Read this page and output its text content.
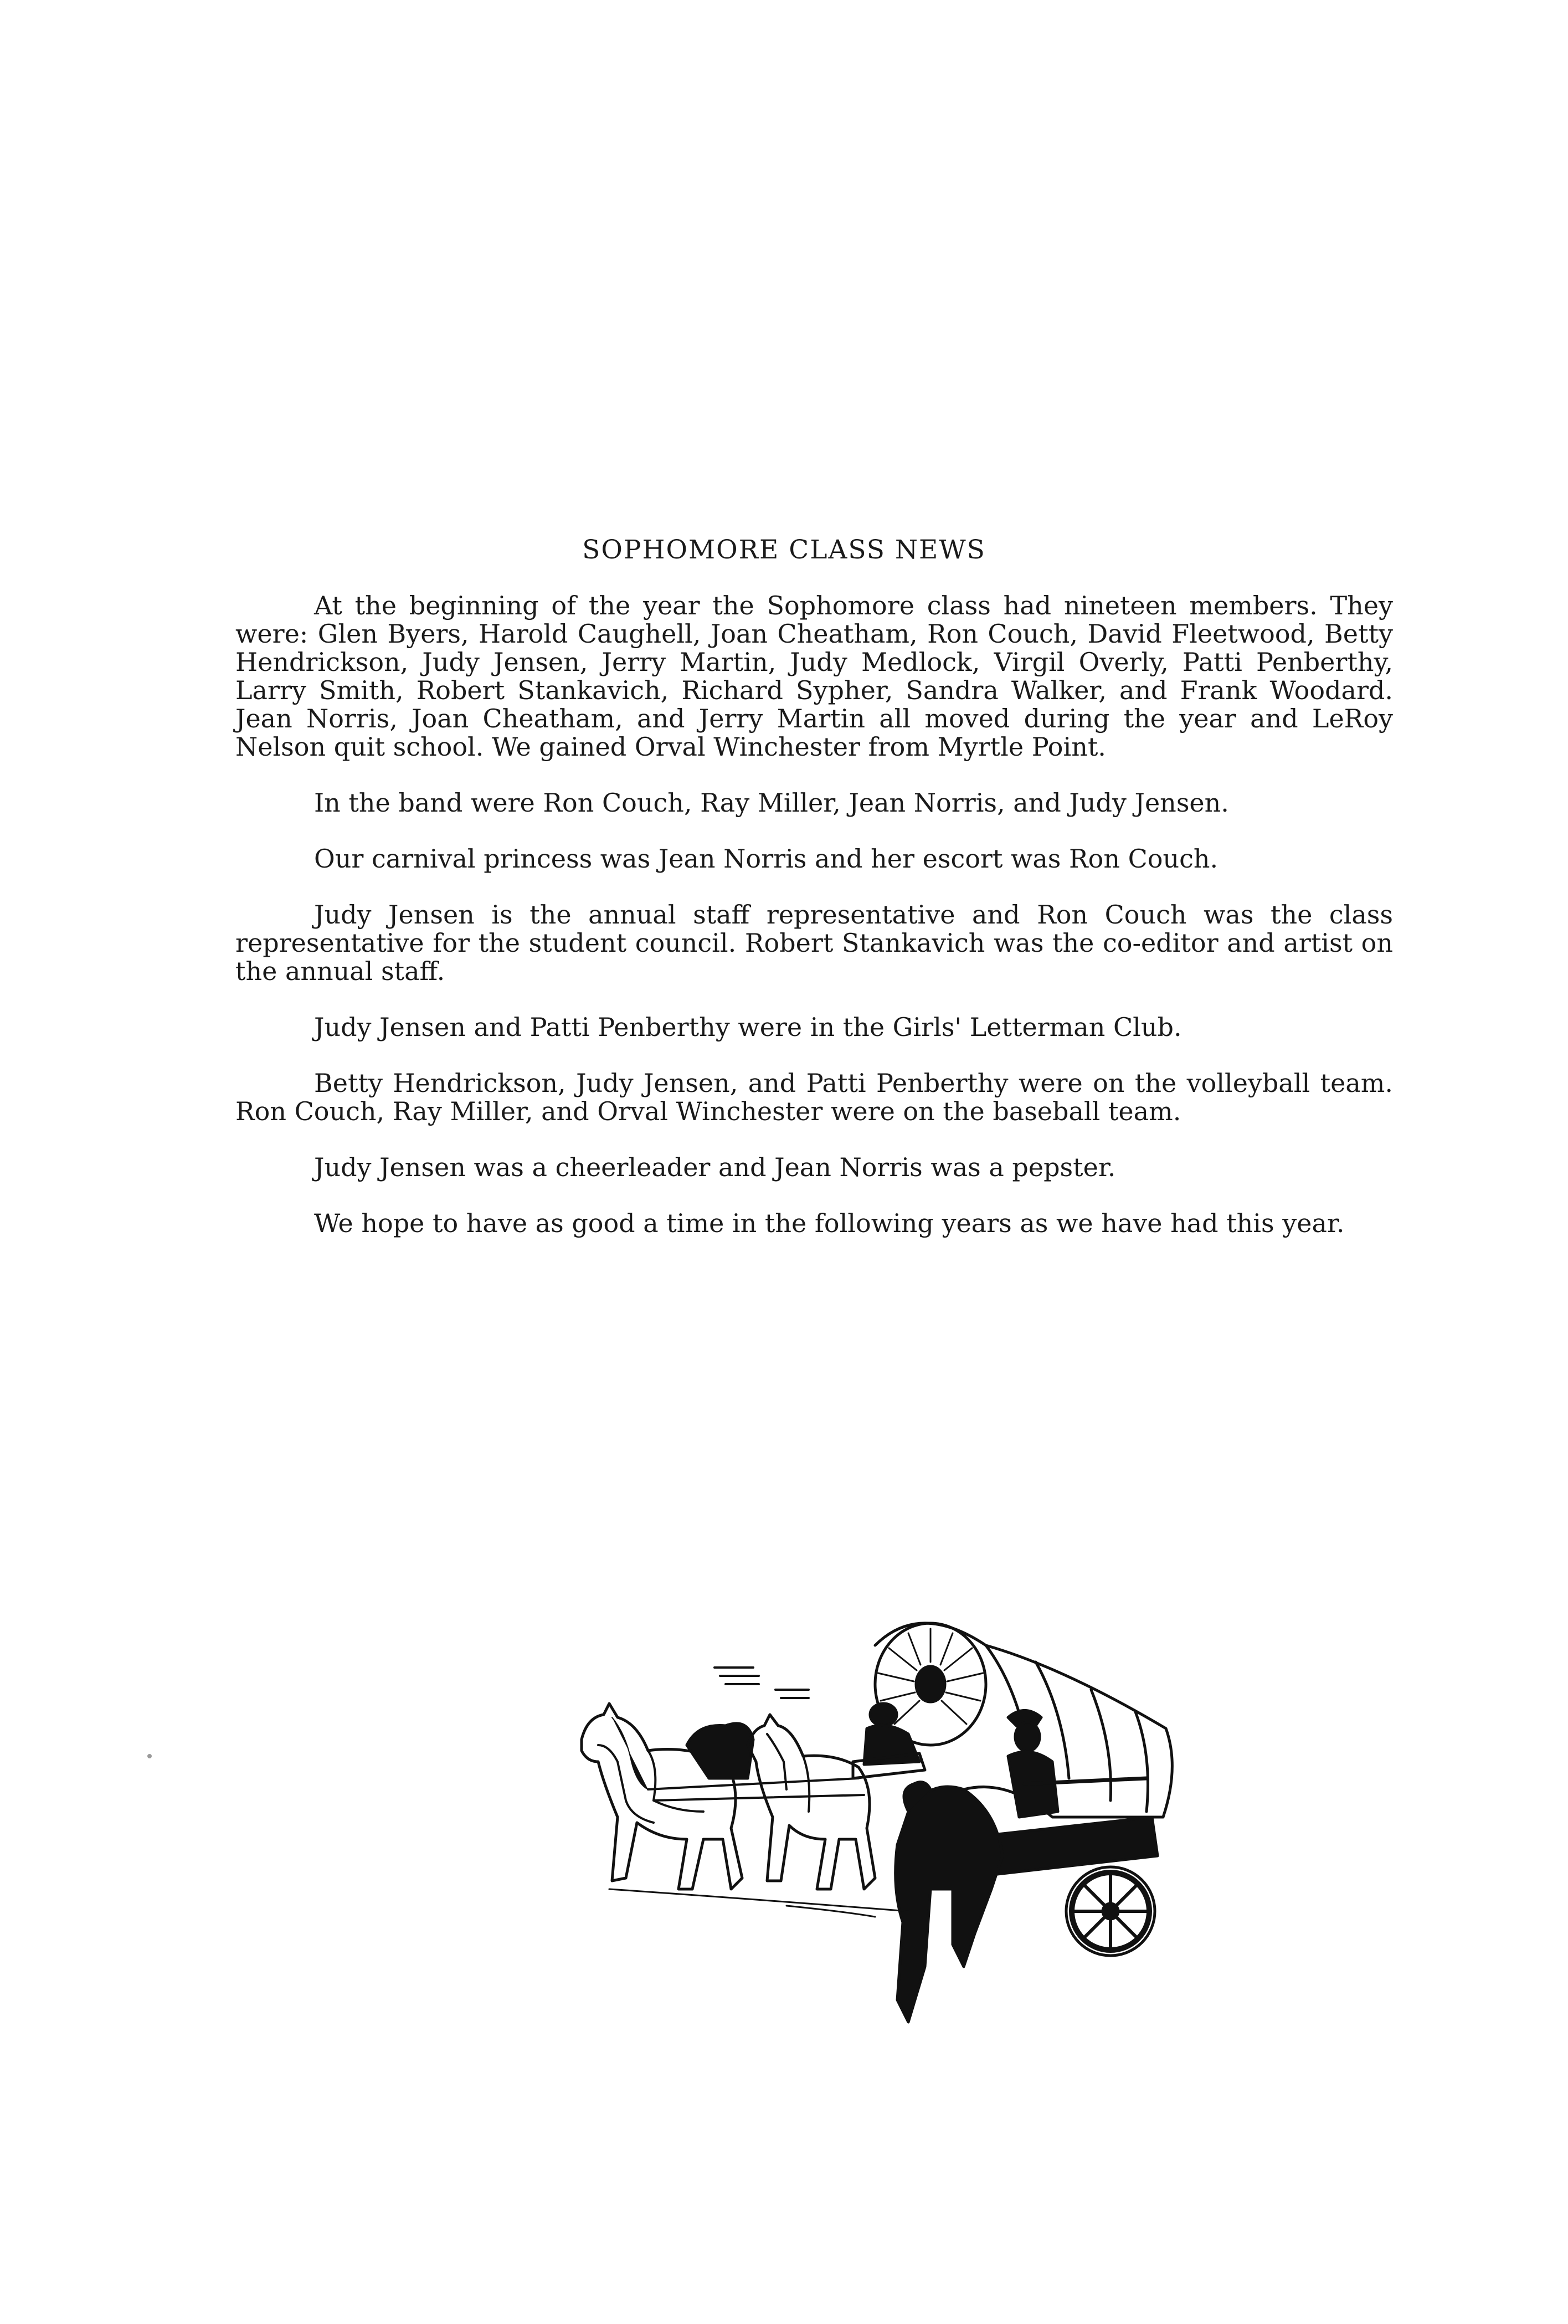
SOPHOMORE CLASS NEWS

At the beginning of the year the Sophomore class had nineteen members. They were: Glen Byers, Harold Caughell, Joan Cheatham, Ron Couch, David Fleetwood, Betty Hendrickson, Judy Jensen, Jerry Martin, Judy Medlock, Virgil Overly, Patti Penberthy, Larry Smith, Robert Stankavich, Richard Sypher, Sandra Walker, and Frank Woodard. Jean Norris, Joan Cheatham, and Jerry Martin all moved during the year and LeRoy Nelson quit school. We gained Orval Winchester from Myrtle Point.

In the band were Ron Couch, Ray Miller, Jean Norris, and Judy Jensen.

Our carnival princess was Jean Norris and her escort was Ron Couch.

Judy Jensen is the annual staff representative and Ron Couch was the class representative for the student council. Robert Stankavich was the co-editor and artist on the annual staff.

Judy Jensen and Patti Penberthy were in the Girls' Letterman Club.

Betty Hendrickson, Judy Jensen, and Patti Penberthy were on the volleyball team. Ron Couch, Ray Miller, and Orval Winchester were on the baseball team.

Judy Jensen was a cheerleader and Jean Norris was a pepster.

We hope to have as good a time in the following years as we have had this year.
